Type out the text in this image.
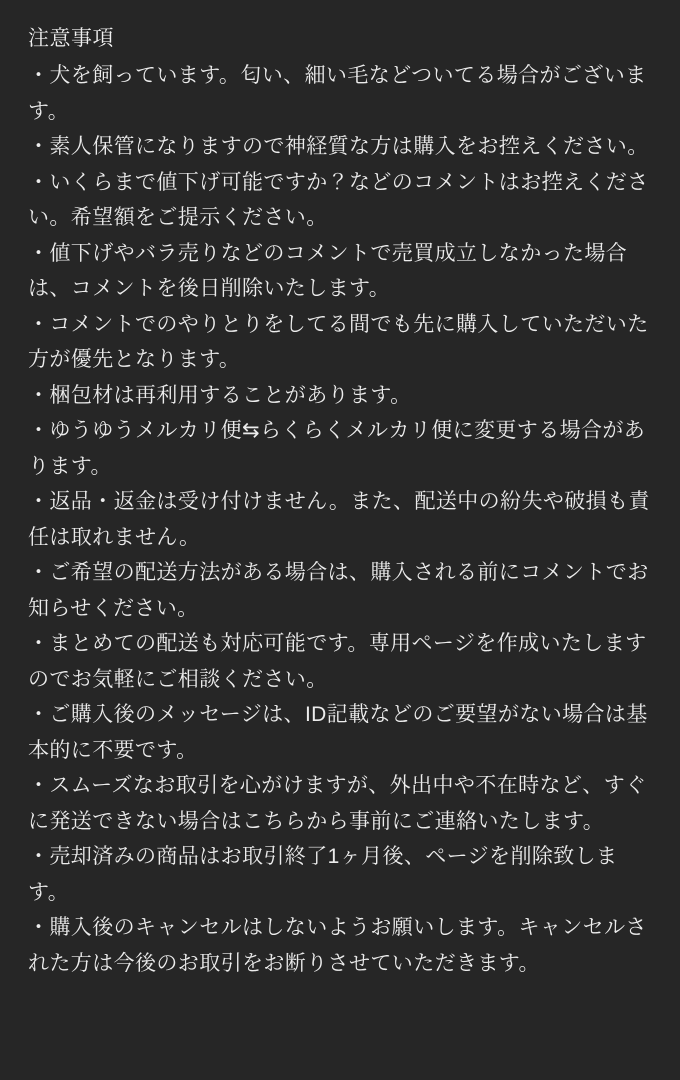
注意事項
・犬を飼っています。匂い、細い毛などついてる場合がございます。
・素人保管になりますので神経質な方は購入をお控えください。
・いくらまで値下げ可能ですか？などのコメントはお控えください。希望額をご提示ください。
・値下げやバラ売りなどのコメントで売買成立しなかった場合は、コメントを後日削除いたします。
・コメントでのやりとりをしてる間でも先に購入していただいた方が優先となります。
・梱包材は再利用することがあります。
・ゆうゆうメルカリ便⇆らくらくメルカリ便に変更する場合があります。
・返品・返金は受け付けません。また、配送中の紛失や破損も責任は取れません。
・ご希望の配送方法がある場合は、購入される前にコメントでお知らせください。
・まとめての配送も対応可能です。専用ページを作成いたしますのでお気軽にご相談ください。
・ご購入後のメッセージは、ID記載などのご要望がない場合は基本的に不要です。
・スムーズなお取引を心がけますが、外出中や不在時など、すぐに発送できない場合はこちらから事前にご連絡いたします。
・売却済みの商品はお取引終了1ヶ月後、ページを削除致します。
・購入後のキャンセルはしないようお願いします。キャンセルされた方は今後のお取引をお断りさせていただきます。
